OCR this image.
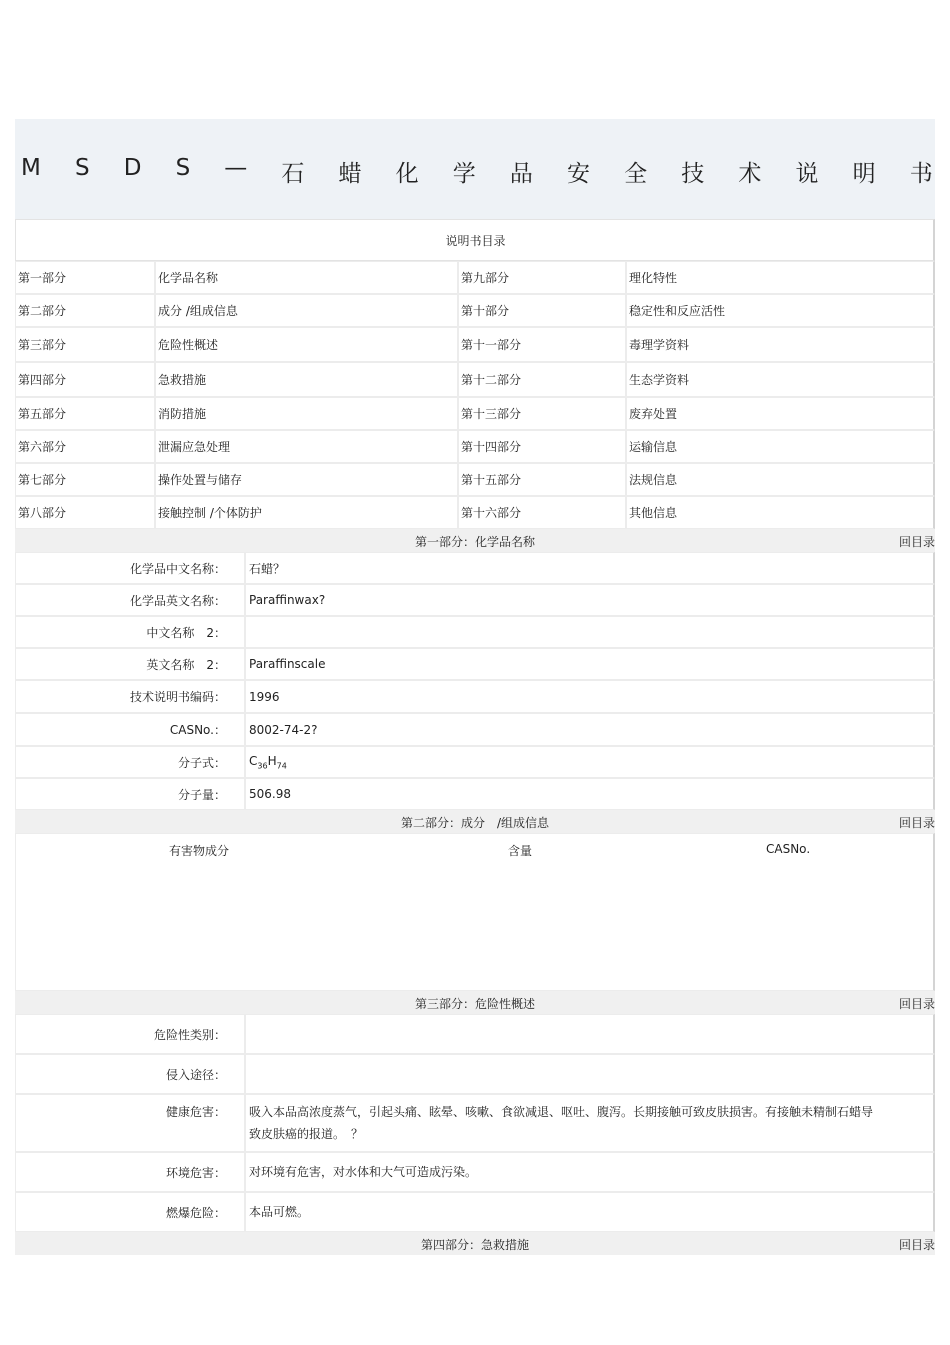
M S D S — 石 蜡 化 学 品 安 全 技 术 说 明 书
说明书目录
第一部分	化学品名称	第九部分	理化特性
第二部分	成分 /组成信息	第十部分	稳定性和反应活性
第三部分	危险性概述	第十一部分	毒理学资料
第四部分	急救措施	第十二部分	生态学资料
第五部分	消防措施	第十三部分	废弃处置
第六部分	泄漏应急处理	第十四部分	运输信息
第七部分	操作处置与储存	第十五部分	法规信息
第八部分	接触控制 /个体防护	第十六部分	其他信息
第一部分：化学品名称	回目录
化学品中文名称：	石蜡？
化学品英文名称：	Paraffinwax?
中文名称　2：	
英文名称　2：	Paraffinscale
技术说明书编码：	1996
CASNo.：	8002-74-2?
分子式：	$C_{36}H_{74}$
分子量：	506.98
第二部分：成分　/组成信息	回目录
有害物成分	含量	CASNo.
第三部分：危险性概述	回目录
危险性类别：	
侵入途径：	
健康危害：	吸入本品高浓度蒸气，引起头痛、眩晕、咳嗽、食欲减退、呕吐、腹泻。长期接触可致皮肤损害。有接触未精制石蜡导致皮肤癌的报道。　？
环境危害：	对环境有危害，对水体和大气可造成污染。
燃爆危险：	本品可燃。
第四部分：急救措施	回目录
